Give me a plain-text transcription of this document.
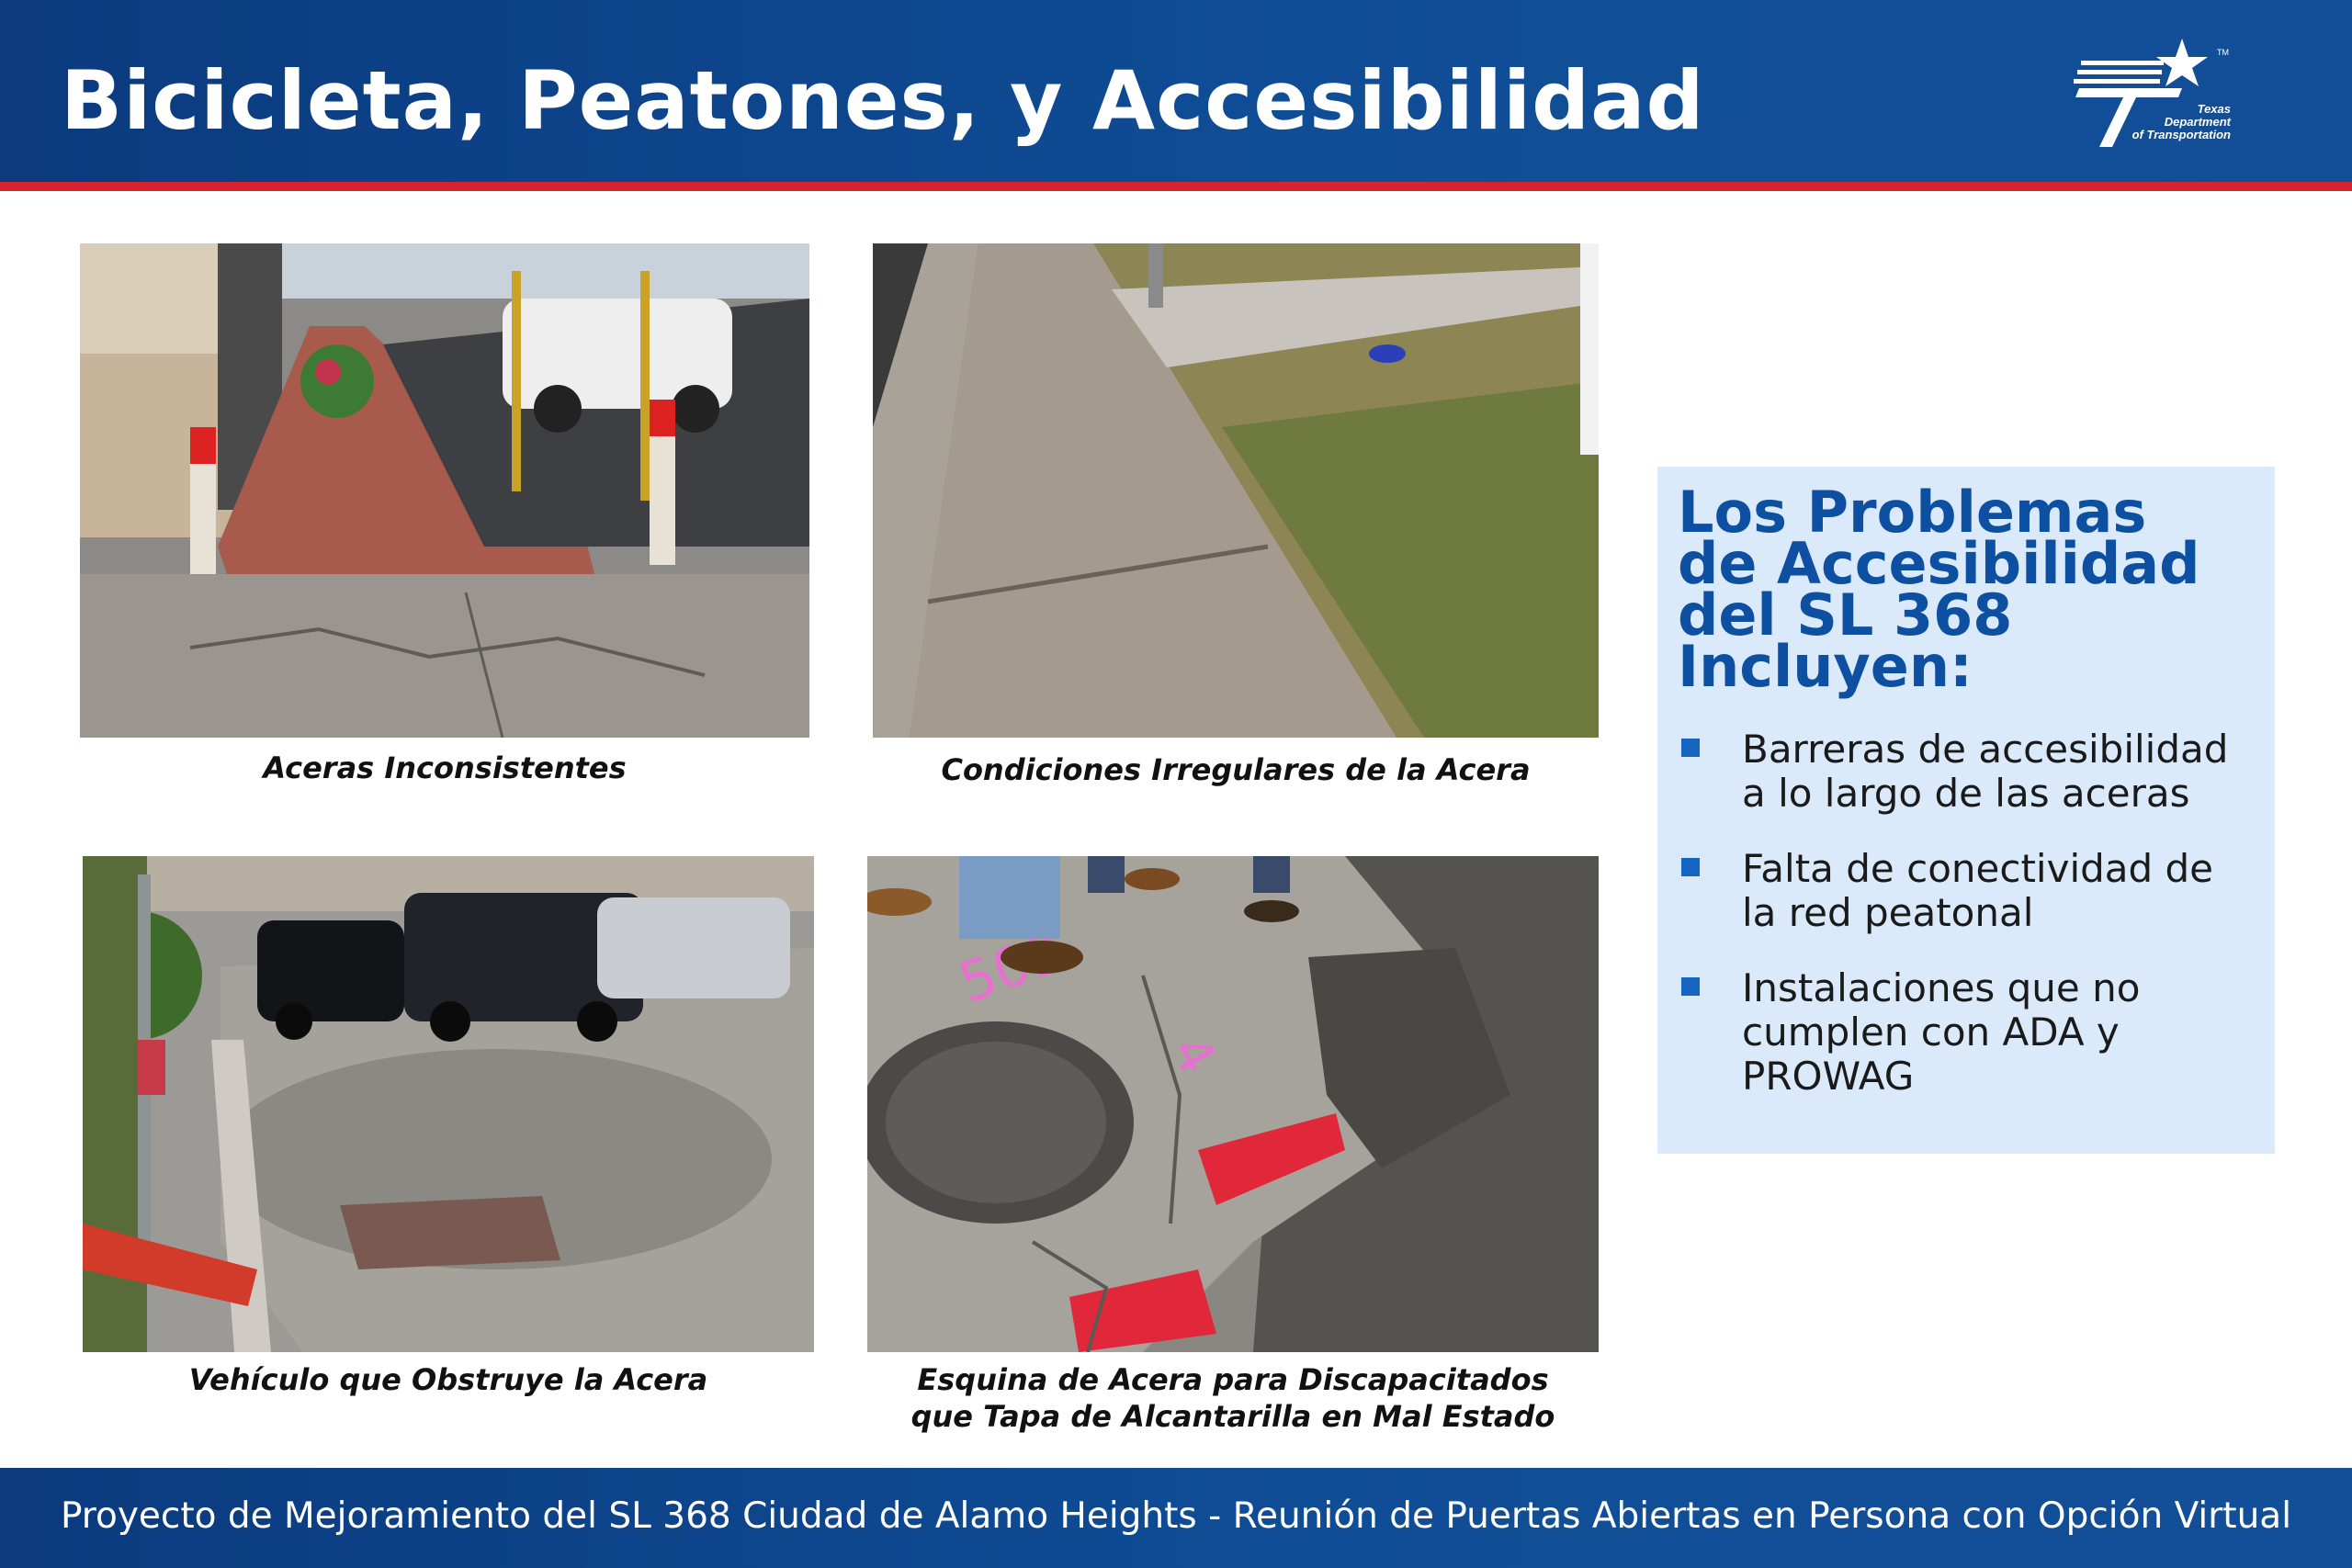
Bicicleta, Peatones, y Accesibilidad
TM
Texas
Department
of Transportation
Aceras Inconsistentes	Condiciones Irregulares de la Acera
Vehículo que Obstruye la Acera
4
Esquina de Acera para Discapacitados
que Tapa de Alcantarilla en Mal Estado
Los Problemas
de Accesibilidad
del SL 368
Incluyen:
Barreras de accesibilidad
a lo largo de las aceras
Falta de conectividad de
la red peatonal
Instalaciones que no
cumplen con ADA y
PROWAG
Proyecto de Mejoramiento del SL 368 Ciudad de Alamo Heights - Reunión de Puertas Abiertas en Persona con Opción Virtual
